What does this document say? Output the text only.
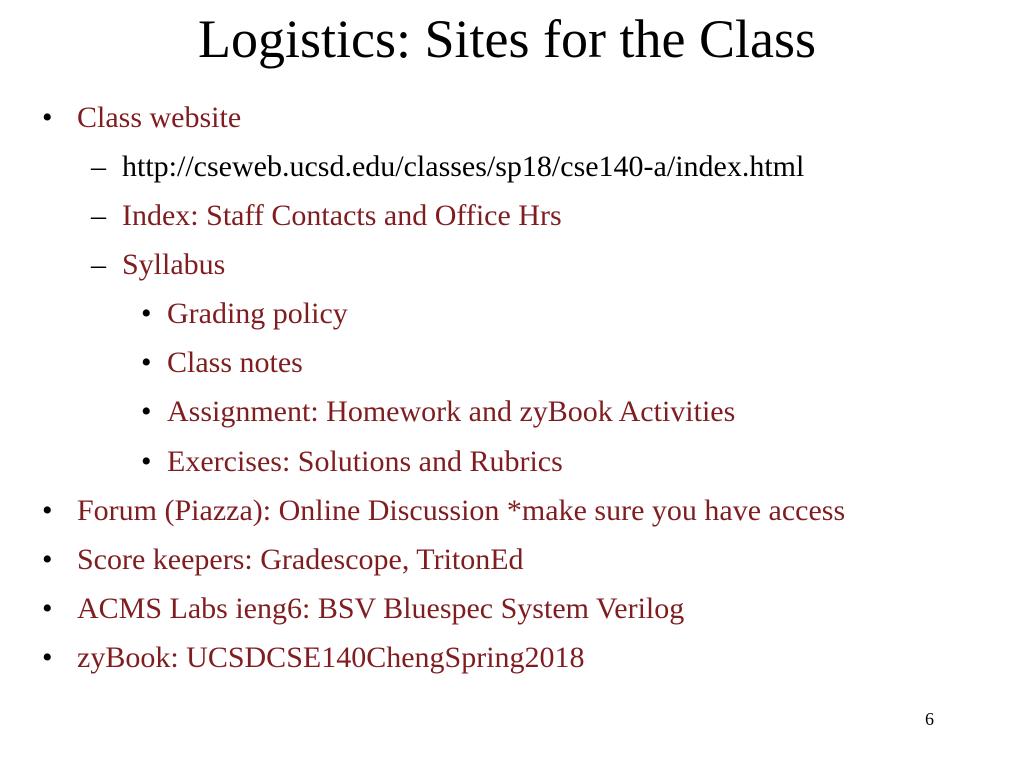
Logistics: Sites for the Class
• Class website
– http://cseweb.ucsd.edu/classes/sp18/cse140-a/index.html
– Index: Staff Contacts and Office Hrs
– Syllabus
• Grading policy
• Class notes
• Assignment: Homework and zyBook Activities
• Exercises: Solutions and Rubrics
• Forum (Piazza): Online Discussion *make sure you have access
• Score keepers: Gradescope, TritonEd
• ACMS Labs ieng6: BSV Bluespec System Verilog
• zyBook: UCSDCSE140ChengSpring2018
6
